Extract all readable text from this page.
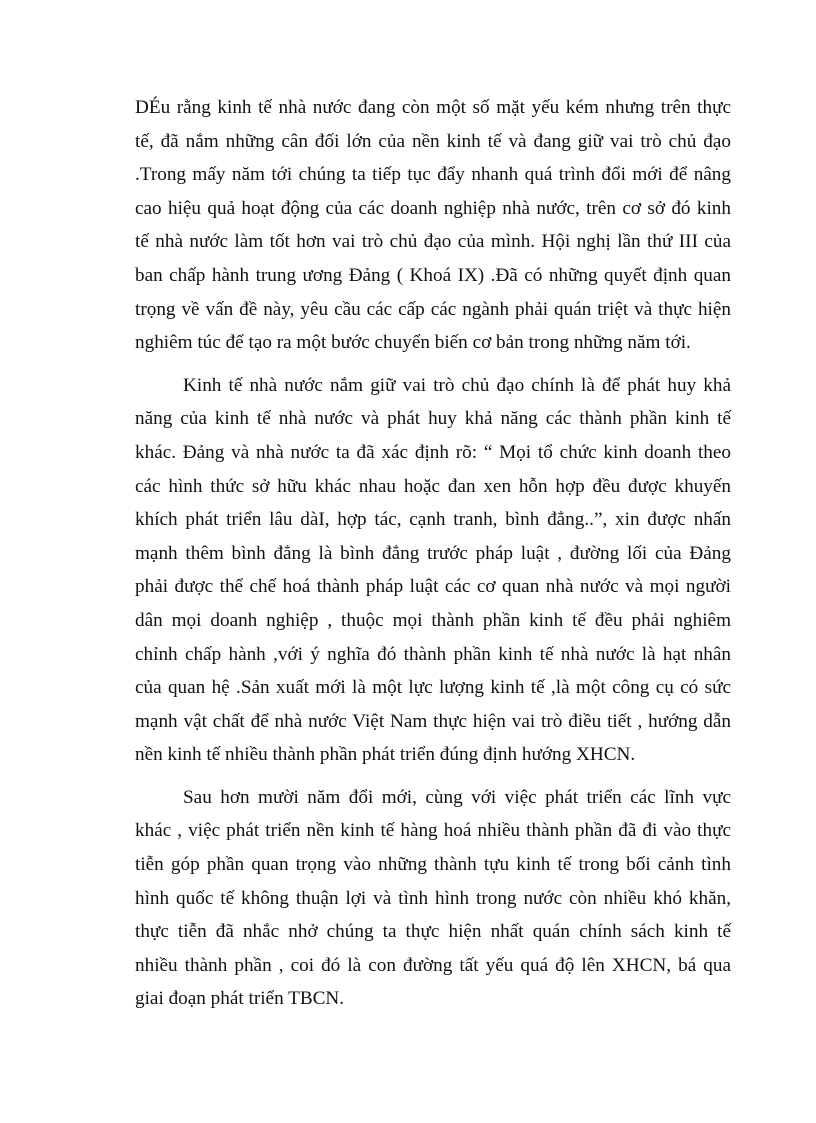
DÉu rằng kinh tế nhà nước đang còn một số mặt yếu kém nhưng trên thực
tế, đã nắm những cân đối lớn của nền kinh tế và đang giữ vai trò chủ đạo
.Trong mấy năm tới chúng ta tiếp tục đẩy nhanh quá trình đổi mới để nâng
cao hiệu quả hoạt động của các doanh nghiệp nhà nước, trên cơ sở đó kinh
tế nhà nước làm tốt hơn vai trò chủ đạo của mình. Hội nghị lần thứ III của
ban chấp hành trung ương Đảng ( Khoá IX) .Đã có những quyết định quan
trọng về vấn đề này, yêu cầu các cấp các ngành phải quán triệt và thực hiện
nghiêm túc để tạo ra một bước chuyển biến cơ bản trong những năm tới.
Kinh tế nhà nước nắm giữ vai trò chủ đạo chính là để phát huy khả
năng của kinh tế nhà nước và phát huy khả năng các thành phần kinh tế
khác. Đảng và nhà nước ta đã xác định rõ: “ Mọi tổ chức kinh doanh theo
các hình thức sở hữu khác nhau hoặc đan xen hỗn hợp đều được khuyến
khích phát triển lâu dàI, hợp tác, cạnh tranh, bình đẳng..”, xin được nhấn
mạnh thêm bình đẳng là bình đẳng trước pháp luật , đường lối của Đảng
phải được thể chế hoá thành pháp luật các cơ quan nhà nước và mọi người
dân mọi doanh nghiệp , thuộc mọi thành phần kinh tế đều phải nghiêm
chỉnh chấp hành ,với ý nghĩa đó thành phần kinh tế nhà nước là hạt nhân
của quan hệ .Sản xuất mới là một lực lượng kinh tế ,là một công cụ có sức
mạnh vật chất để nhà nước Việt Nam thực hiện vai trò điều tiết , hướng dẫn
nền kinh tế nhiều thành phần phát triển đúng định hướng XHCN.
Sau hơn mười năm đổi mới, cùng với việc phát triển các lĩnh vực
khác , việc phát triển nền kinh tế hàng hoá nhiều thành phần đã đi vào thực
tiễn góp phần quan trọng vào những thành tựu kinh tế trong bối cảnh tình
hình quốc tế không thuận lợi và tình hình trong nước còn nhiều khó khăn,
thực tiễn đã nhắc nhở chúng ta thực hiện nhất quán chính sách kinh tế
nhiều thành phần , coi đó là con đường tất yếu quá độ lên XHCN, bá qua
giai đoạn phát triển TBCN.
